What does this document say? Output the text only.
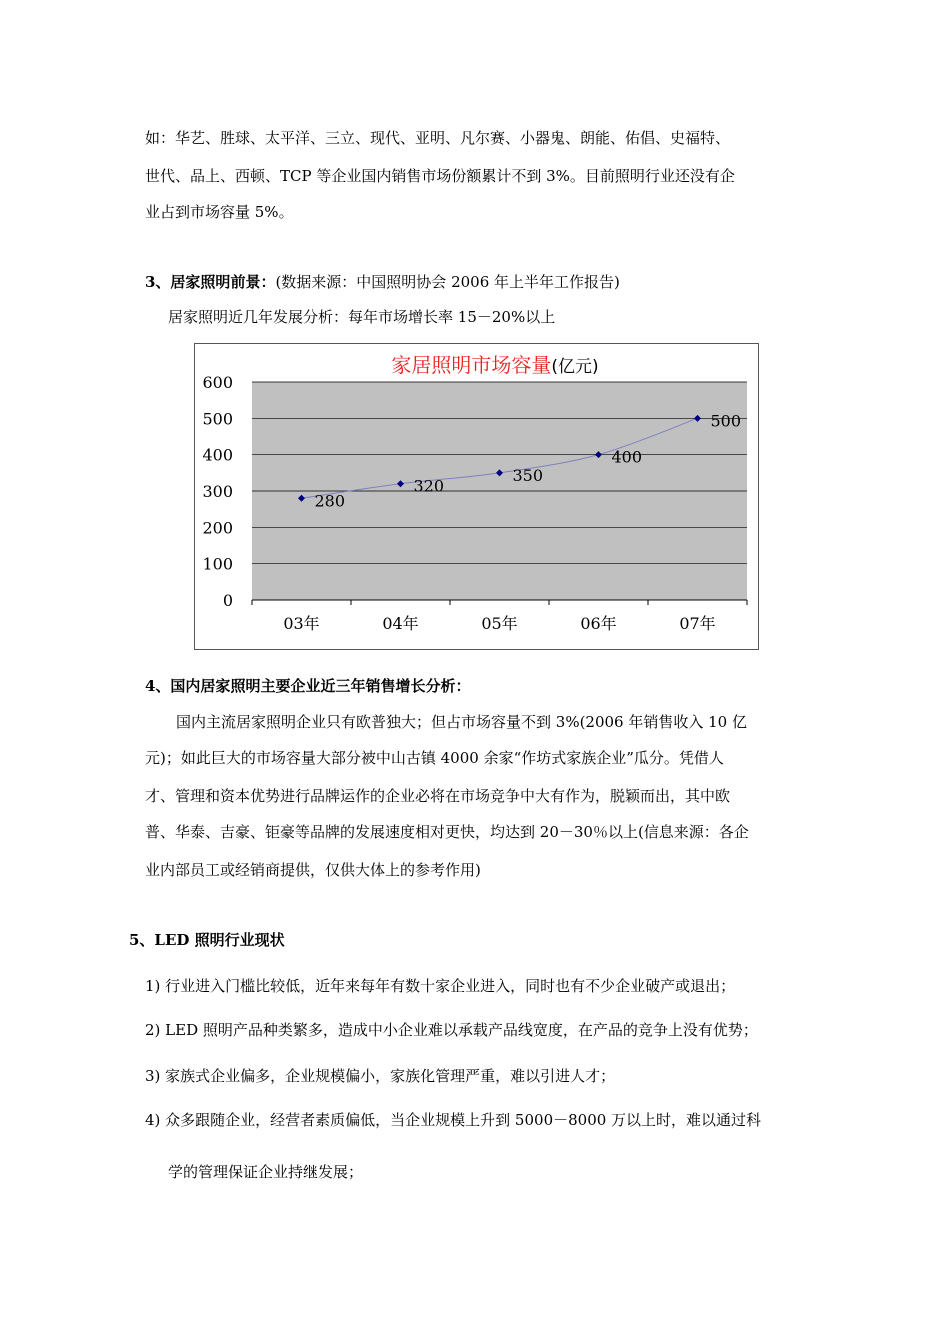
如：华艺、胜球、太平洋、三立、现代、亚明、凡尔赛、小器鬼、朗能、佑倡、史福特、
世代、品上、西顿、TCP 等企业国内销售市场份额累计不到 3%。目前照明行业还没有企
业占到市场容量 5%。
3、居家照明前景：(数据来源：中国照明协会 2006 年上半年工作报告)
居家照明近几年发展分析：每年市场增长率 15－20%以上
家居照明市场容量(亿元)
0
100
200
300
400
500
600
03年	04年	05年	06年	07年
280
320
350
400
500
4、国内居家照明主要企业近三年销售增长分析：
国内主流居家照明企业只有欧普独大；但占市场容量不到 3%(2006 年销售收入 10 亿
元)；如此巨大的市场容量大部分被中山古镇 4000 余家“作坊式家族企业”瓜分。凭借人
才、管理和资本优势进行品牌运作的企业必将在市场竞争中大有作为，脱颖而出，其中欧
普、华泰、吉豪、钜豪等品牌的发展速度相对更快，均达到 20－30％以上(信息来源：各企
业内部员工或经销商提供，仅供大体上的参考作用)
5、LED 照明行业现状
1) 行业进入门槛比较低，近年来每年有数十家企业进入，同时也有不少企业破产或退出；
2) LED 照明产品种类繁多，造成中小企业难以承载产品线宽度，在产品的竞争上没有优势；
3) 家族式企业偏多，企业规模偏小，家族化管理严重，难以引进人才；
4) 众多跟随企业，经营者素质偏低，当企业规模上升到 5000－8000 万以上时，难以通过科
学的管理保证企业持继发展；
